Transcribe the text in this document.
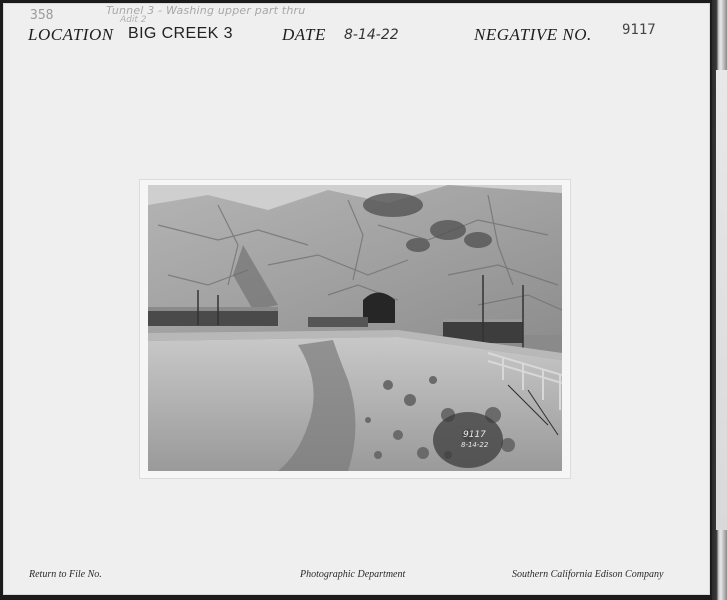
358	Tunnel 3 - Washing upper part thru
Adit 2
LOCATION BIG CREEK 3	DATE 8-14-22	NEGATIVE NO. 9117
9117
8-14-22
Return to File No.	Photographic Department	Southern California Edison Company
